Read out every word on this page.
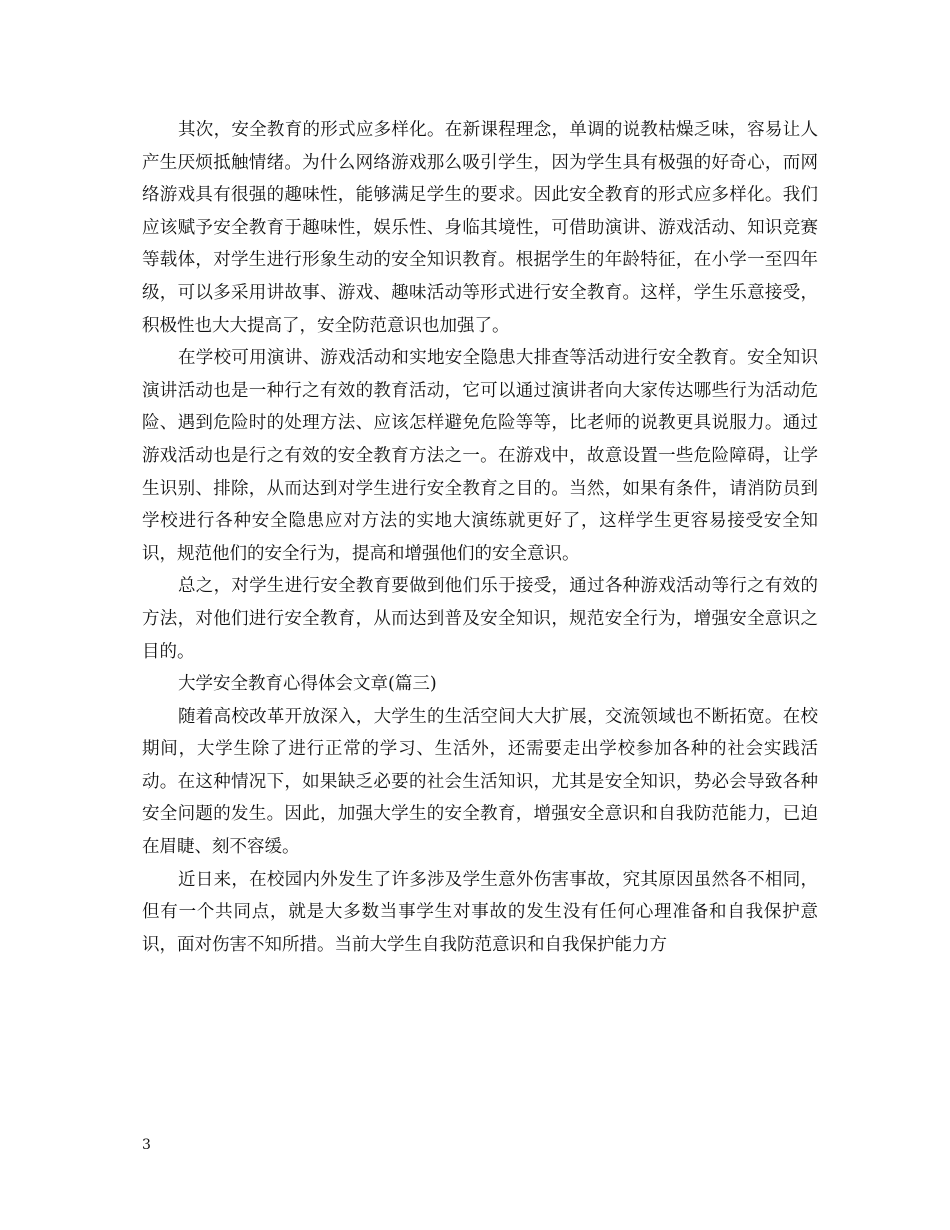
其次，安全教育的形式应多样化。在新课程理念，单调的说教枯燥乏味，容易让人产生厌烦抵触情绪。为什么网络游戏那么吸引学生，因为学生具有极强的好奇心，而网络游戏具有很强的趣味性，能够满足学生的要求。因此安全教育的形式应多样化。我们应该赋予安全教育于趣味性，娱乐性、身临其境性，可借助演讲、游戏活动、知识竞赛等载体，对学生进行形象生动的安全知识教育。根据学生的年龄特征，在小学一至四年级，可以多采用讲故事、游戏、趣味活动等形式进行安全教育。这样，学生乐意接受，积极性也大大提高了，安全防范意识也加强了。

在学校可用演讲、游戏活动和实地安全隐患大排查等活动进行安全教育。安全知识演讲活动也是一种行之有效的教育活动，它可以通过演讲者向大家传达哪些行为活动危险、遇到危险时的处理方法、应该怎样避免危险等等，比老师的说教更具说服力。通过游戏活动也是行之有效的安全教育方法之一。在游戏中，故意设置一些危险障碍，让学生识别、排除，从而达到对学生进行安全教育之目的。当然，如果有条件，请消防员到学校进行各种安全隐患应对方法的实地大演练就更好了，这样学生更容易接受安全知识，规范他们的安全行为，提高和增强他们的安全意识。

总之，对学生进行安全教育要做到他们乐于接受，通过各种游戏活动等行之有效的方法，对他们进行安全教育，从而达到普及安全知识，规范安全行为，增强安全意识之目的。

大学安全教育心得体会文章(篇三)

随着高校改革开放深入，大学生的生活空间大大扩展，交流领域也不断拓宽。在校期间，大学生除了进行正常的学习、生活外，还需要走出学校参加各种的社会实践活动。在这种情况下，如果缺乏必要的社会生活知识，尤其是安全知识，势必会导致各种安全问题的发生。因此，加强大学生的安全教育，增强安全意识和自我防范能力，已迫在眉睫、刻不容缓。

近日来，在校园内外发生了许多涉及学生意外伤害事故，究其原因虽然各不相同，但有一个共同点，就是大多数当事学生对事故的发生没有任何心理准备和自我保护意识，面对伤害不知所措。当前大学生自我防范意识和自我保护能力方

3
